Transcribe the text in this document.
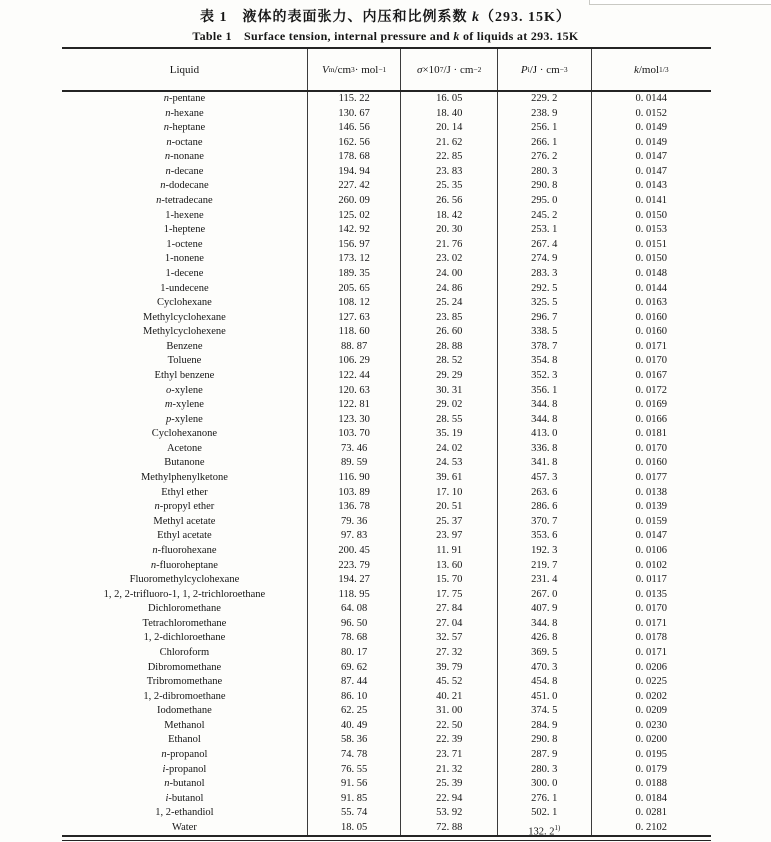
表 1　液体的表面张力、内压和比例系数 k（293. 15K）
Table 1　Surface tension, internal pressure and k of liquids at 293. 15K
Liquid	V m /cm 3 · mol −1	σ ×10 7 /J · cm −2	P i /J · cm −3	k /mol 1/3
n-pentane	115. 22	16. 05	229. 2	0. 0144
n-hexane	130. 67	18. 40	238. 9	0. 0152
n-heptane	146. 56	20. 14	256. 1	0. 0149
n-octane	162. 56	21. 62	266. 1	0. 0149
n-nonane	178. 68	22. 85	276. 2	0. 0147
n-decane	194. 94	23. 83	280. 3	0. 0147
n-dodecane	227. 42	25. 35	290. 8	0. 0143
n-tetradecane	260. 09	26. 56	295. 0	0. 0141
1-hexene	125. 02	18. 42	245. 2	0. 0150
1-heptene	142. 92	20. 30	253. 1	0. 0153
1-octene	156. 97	21. 76	267. 4	0. 0151
1-nonene	173. 12	23. 02	274. 9	0. 0150
1-decene	189. 35	24. 00	283. 3	0. 0148
1-undecene	205. 65	24. 86	292. 5	0. 0144
Cyclohexane	108. 12	25. 24	325. 5	0. 0163
Methylcyclohexane	127. 63	23. 85	296. 7	0. 0160
Methylcyclohexene	118. 60	26. 60	338. 5	0. 0160
Benzene	88. 87	28. 88	378. 7	0. 0171
Toluene	106. 29	28. 52	354. 8	0. 0170
Ethyl benzene	122. 44	29. 29	352. 3	0. 0167
o-xylene	120. 63	30. 31	356. 1	0. 0172
m-xylene	122. 81	29. 02	344. 8	0. 0169
p-xylene	123. 30	28. 55	344. 8	0. 0166
Cyclohexanone	103. 70	35. 19	413. 0	0. 0181
Acetone	73. 46	24. 02	336. 8	0. 0170
Butanone	89. 59	24. 53	341. 8	0. 0160
Methylphenylketone	116. 90	39. 61	457. 3	0. 0177
Ethyl ether	103. 89	17. 10	263. 6	0. 0138
n-propyl ether	136. 78	20. 51	286. 6	0. 0139
Methyl acetate	79. 36	25. 37	370. 7	0. 0159
Ethyl acetate	97. 83	23. 97	353. 6	0. 0147
n-fluorohexane	200. 45	11. 91	192. 3	0. 0106
n-fluoroheptane	223. 79	13. 60	219. 7	0. 0102
Fluoromethylcyclohexane	194. 27	15. 70	231. 4	0. 0117
1, 2, 2-trifluoro-1, 1, 2-trichloroethane	118. 95	17. 75	267. 0	0. 0135
Dichloromethane	64. 08	27. 84	407. 9	0. 0170
Tetrachloromethane	96. 50	27. 04	344. 8	0. 0171
1, 2-dichloroethane	78. 68	32. 57	426. 8	0. 0178
Chloroform	80. 17	27. 32	369. 5	0. 0171
Dibromomethane	69. 62	39. 79	470. 3	0. 0206
Tribromomethane	87. 44	45. 52	454. 8	0. 0225
1, 2-dibromoethane	86. 10	40. 21	451. 0	0. 0202
Iodomethane	62. 25	31. 00	374. 5	0. 0209
Methanol	40. 49	22. 50	284. 9	0. 0230
Ethanol	58. 36	22. 39	290. 8	0. 0200
n-propanol	74. 78	23. 71	287. 9	0. 0195
i-propanol	76. 55	21. 32	280. 3	0. 0179
n-butanol	91. 56	25. 39	300. 0	0. 0188
i-butanol	91. 85	22. 94	276. 1	0. 0184
1, 2-ethandiol	55. 74	53. 92	502. 1	0. 0281
Water	18. 05	72. 88	132. 2$^{1)}$	0. 2102
